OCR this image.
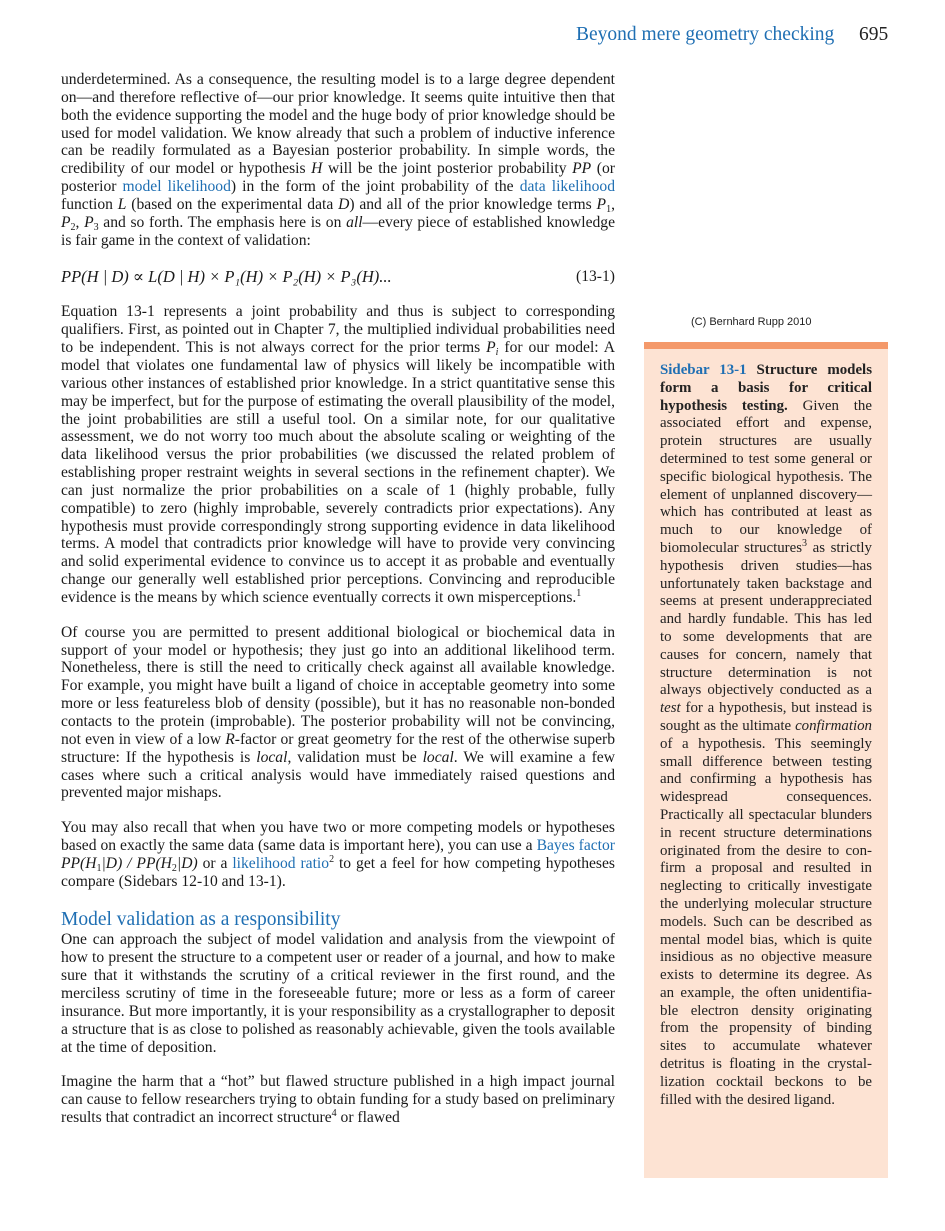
Beyond mere geometry checking 695

underdetermined. As a consequence, the resulting model is to a large degree dependent on—and therefore reflective of—our prior knowledge. It seems quite intuitive then that both the evidence supporting the model and the huge body of prior knowledge should be used for model validation. We know already that such a problem of inductive inference can be readily formulated as a Bayesian posterior probability. In simple words, the credibility of our model or hypothesis H will be the joint posterior probability PP (or posterior model likelihood) in the form of the joint probability of the data likelihood function L (based on the experimental data D) and all of the prior knowledge terms $P_1$, $P_2$, $P_3$ and so forth. The emphasis here is on all—every piece of established knowledge is fair game in the context of validation:

PP(H | D) ∝ L(D | H) × P₁(H) × P₂(H) × P₃(H)...	(13-1)

Equation 13-1 represents a joint probability and thus is subject to corresponding qualifiers. First, as pointed out in Chapter 7, the multiplied individual probabilities need to be independent. This is not always correct for the prior terms $P_i$ for our model: A model that violates one fundamental law of physics will likely be incompatible with various other instances of established prior knowledge. In a strict quantitative sense this may be imperfect, but for the purpose of estimating the overall plausibility of the model, the joint probabilities are still a useful tool. On a similar note, for our qualitative assessment, we do not worry too much about the absolute scaling or weighting of the data likelihood versus the prior probabilities (we discussed the related problem of establishing proper restraint weights in several sections in the refinement chapter). We can just normalize the prior probabilities on a scale of 1 (highly probable, fully compatible) to zero (highly improbable, severely contradicts prior expectations). Any hypothesis must provide correspondingly strong supporting evidence in data likelihood terms. A model that contradicts prior knowledge will have to provide very convincing and solid experimental evidence to convince us to accept it as probable and eventually change our generally well established prior perceptions. Convincing and reproducible evidence is the means by which science eventually corrects it own misperceptions.$^1$

Of course you are permitted to present additional biological or biochemical data in support of your model or hypothesis; they just go into an additional likelihood term. Nonetheless, there is still the need to critically check against all available knowledge. For example, you might have built a ligand of choice in acceptable geometry into some more or less featureless blob of density (possible), but it has no reasonable non-bonded contacts to the protein (improbable). The posterior probability will not be convincing, not even in view of a low R-factor or great geometry for the rest of the otherwise superb structure: If the hypothesis is local, validation must be local. We will examine a few cases where such a critical analysis would have immediately raised questions and prevented major mishaps.

You may also recall that when you have two or more competing models or hypotheses based on exactly the same data (same data is important here), you can use a Bayes factor $PP(H_1|D) / PP(H_2|D)$ or a likelihood ratio$^2$ to get a feel for how competing hypotheses compare (Sidebars 12-10 and 13-1).

Model validation as a responsibility

One can approach the subject of model validation and analysis from the viewpoint of how to present the structure to a competent user or reader of a journal, and how to make sure that it withstands the scrutiny of a critical reviewer in the first round, and the merciless scrutiny of time in the foreseeable future; more or less as a form of career insurance. But more importantly, it is your responsibility as a crystallographer to deposit a structure that is as close to polished as reasonably achievable, given the tools available at the time of deposition.

Imagine the harm that a “hot” but flawed structure published in a high impact journal can cause to fellow researchers trying to obtain funding for a study based on preliminary results that contradict an incorrect structure$^4$ or flawed

(C) Bernhard Rupp 2010
Sidebar 13-1 Structure models form a basis for critical hypothesis testing. Given the associated effort and expense, protein structures are usually determined to test some general or specific biological hypothesis. The element of unplanned discovery—which has contributed at least as much to our knowledge of biomolecular structures$^3$ as strictly hypothesis driven studies—has unfortunately taken backstage and seems at present underappreciated and hardly fundable. This has led to some developments that are causes for concern, namely that structure determination is not always objectively conducted as a test for a hypothesis, but instead is sought as the ultimate confirmation of a hypothesis. This seemingly small difference between testing and confirming a hypothesis has widespread consequences. Practically all spectacular blunders in recent structure determinations originated from the desire to confirm a proposal and resulted in neglecting to critically investigate the underlying molecular structure models. Such can be described as mental model bias, which is quite insidious as no objective measure exists to determine its degree. As an example, the often unidentifiable electron density originating from the propensity of binding sites to accumulate whatever detritus is floating in the crystallization cocktail beckons to be filled with the desired ligand.
